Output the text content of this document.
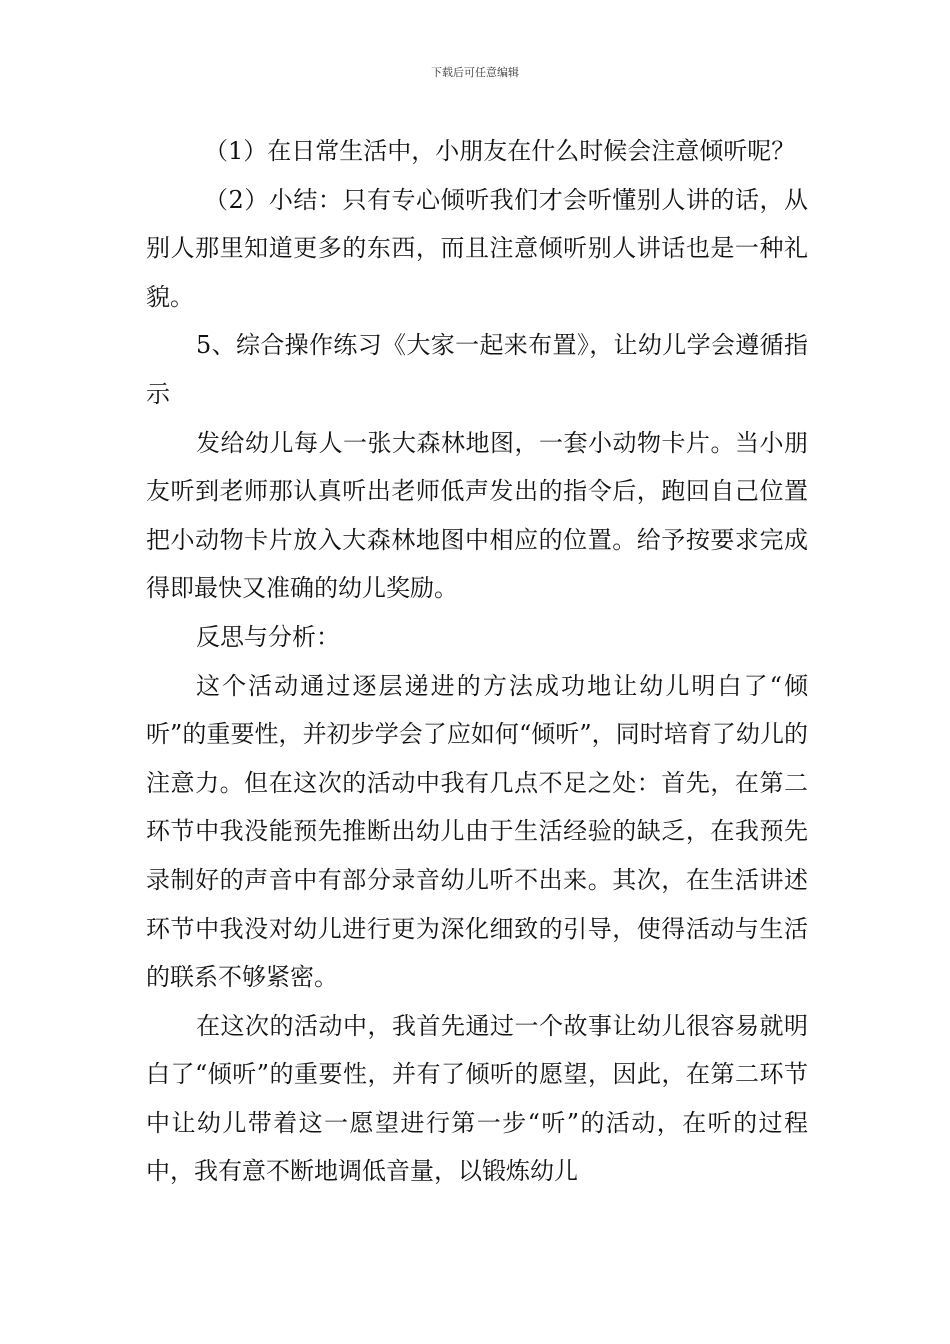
下载后可任意编辑

（1）在日常生活中，小朋友在什么时候会注意倾听呢？

（2）小结：只有专心倾听我们才会听懂别人讲的话，从别人那里知道更多的东西，而且注意倾听别人讲话也是一种礼貌。

5、综合操作练习《大家一起来布置》，让幼儿学会遵循指示

发给幼儿每人一张大森林地图，一套小动物卡片。当小朋友听到老师那认真听出老师低声发出的指令后，跑回自己位置把小动物卡片放入大森林地图中相应的位置。给予按要求完成得即最快又准确的幼儿奖励。

反思与分析：

这个活动通过逐层递进的方法成功地让幼儿明白了“倾听”的重要性，并初步学会了应如何“倾听”，同时培育了幼儿的注意力。但在这次的活动中我有几点不足之处：首先，在第二环节中我没能预先推断出幼儿由于生活经验的缺乏，在我预先录制好的声音中有部分录音幼儿听不出来。其次，在生活讲述环节中我没对幼儿进行更为深化细致的引导，使得活动与生活的联系不够紧密。

在这次的活动中，我首先通过一个故事让幼儿很容易就明白了“倾听”的重要性，并有了倾听的愿望，因此，在第二环节中让幼儿带着这一愿望进行第一步“听”的活动，在听的过程中，我有意不断地调低音量，以锻炼幼儿
